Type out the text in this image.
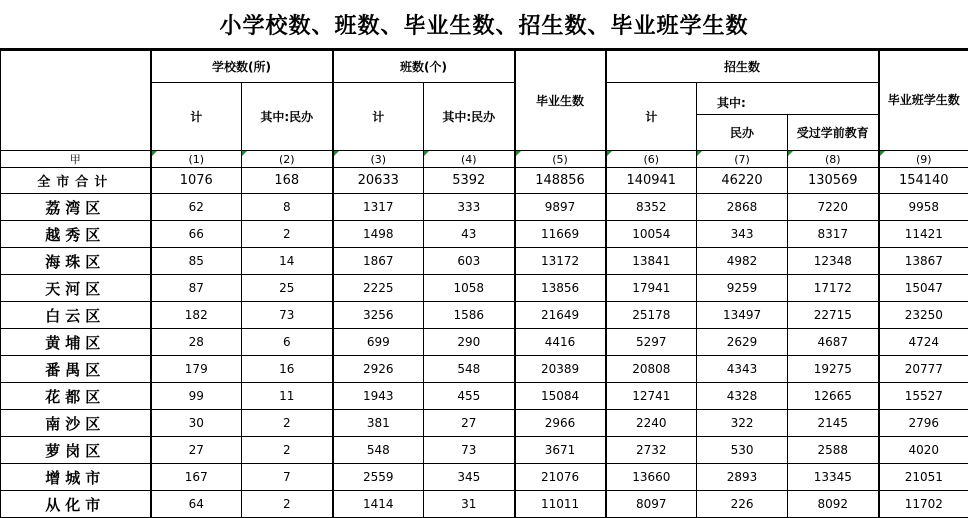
小学校数、班数、毕业生数、招生数、毕业班学生数
	学校数(所)		班数(个)		毕业生数	招生数			毕业班学生数
	计	其中:民办	计	其中:民办		计	其中:		

							民办	受过学前教育	
甲	(1)	(2)	(3)	(4)	(5)	(6)	(7)	(8)	(9)
全市合计	1076	168	20633	5392	148856	140941	46220	130569	154140
荔湾区	62	8	1317	333	9897	8352	2868	7220	9958
越秀区	66	2	1498	43	11669	10054	343	8317	11421
海珠区	85	14	1867	603	13172	13841	4982	12348	13867
天河区	87	25	2225	1058	13856	17941	9259	17172	15047
白云区	182	73	3256	1586	21649	25178	13497	22715	23250
黄埔区	28	6	699	290	4416	5297	2629	4687	4724
番禺区	179	16	2926	548	20389	20808	4343	19275	20777
花都区	99	11	1943	455	15084	12741	4328	12665	15527
南沙区	30	2	381	27	2966	2240	322	2145	2796
萝岗区	27	2	548	73	3671	2732	530	2588	4020
增城市	167	7	2559	345	21076	13660	2893	13345	21051
从化市	64	2	1414	31	11011	8097	226	8092	11702
